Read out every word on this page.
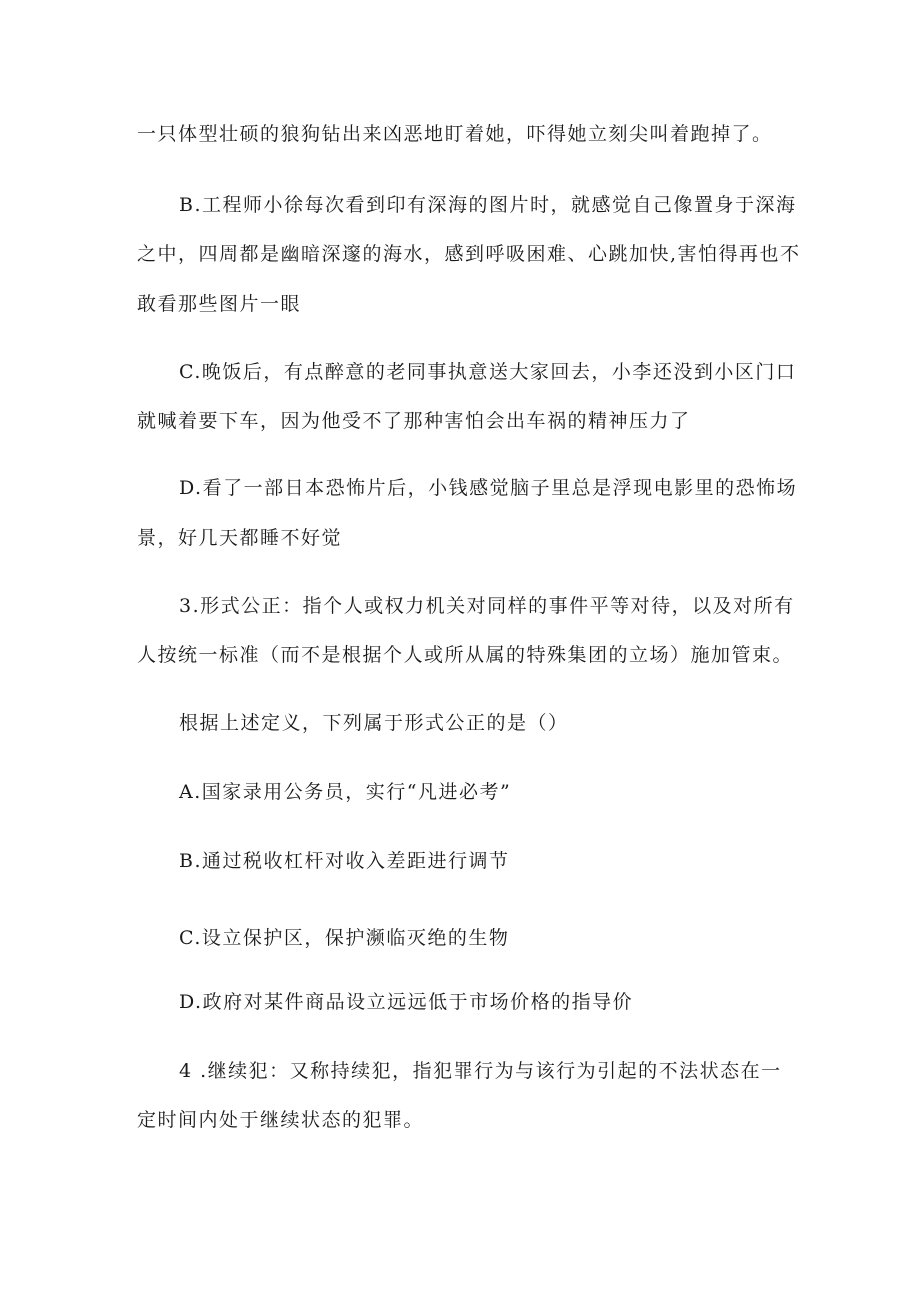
一只体型壮硕的狼狗钻出来凶恶地盯着她，吓得她立刻尖叫着跑掉了。
B.工程师小徐每次看到印有深海的图片时，就感觉自己像置身于深海
之中，四周都是幽暗深邃的海水，感到呼吸困难、心跳加快,害怕得再也不
敢看那些图片一眼
C.晚饭后，有点醉意的老同事执意送大家回去，小李还没到小区门口
就喊着要下车，因为他受不了那种害怕会出车祸的精神压力了
D.看了一部日本恐怖片后，小钱感觉脑子里总是浮现电影里的恐怖场
景，好几天都睡不好觉
3.形式公正：指个人或权力机关对同样的事件平等对待，以及对所有
人按统一标准（而不是根据个人或所从属的特殊集团的立场）施加管束。
根据上述定义，下列属于形式公正的是（）
A.国家录用公务员，实行“凡进必考”
B.通过税收杠杆对收入差距进行调节
C.设立保护区，保护濒临灭绝的生物
D.政府对某件商品设立远远低于市场价格的指导价
4 .继续犯：又称持续犯，指犯罪行为与该行为引起的不法状态在一
定时间内处于继续状态的犯罪。
